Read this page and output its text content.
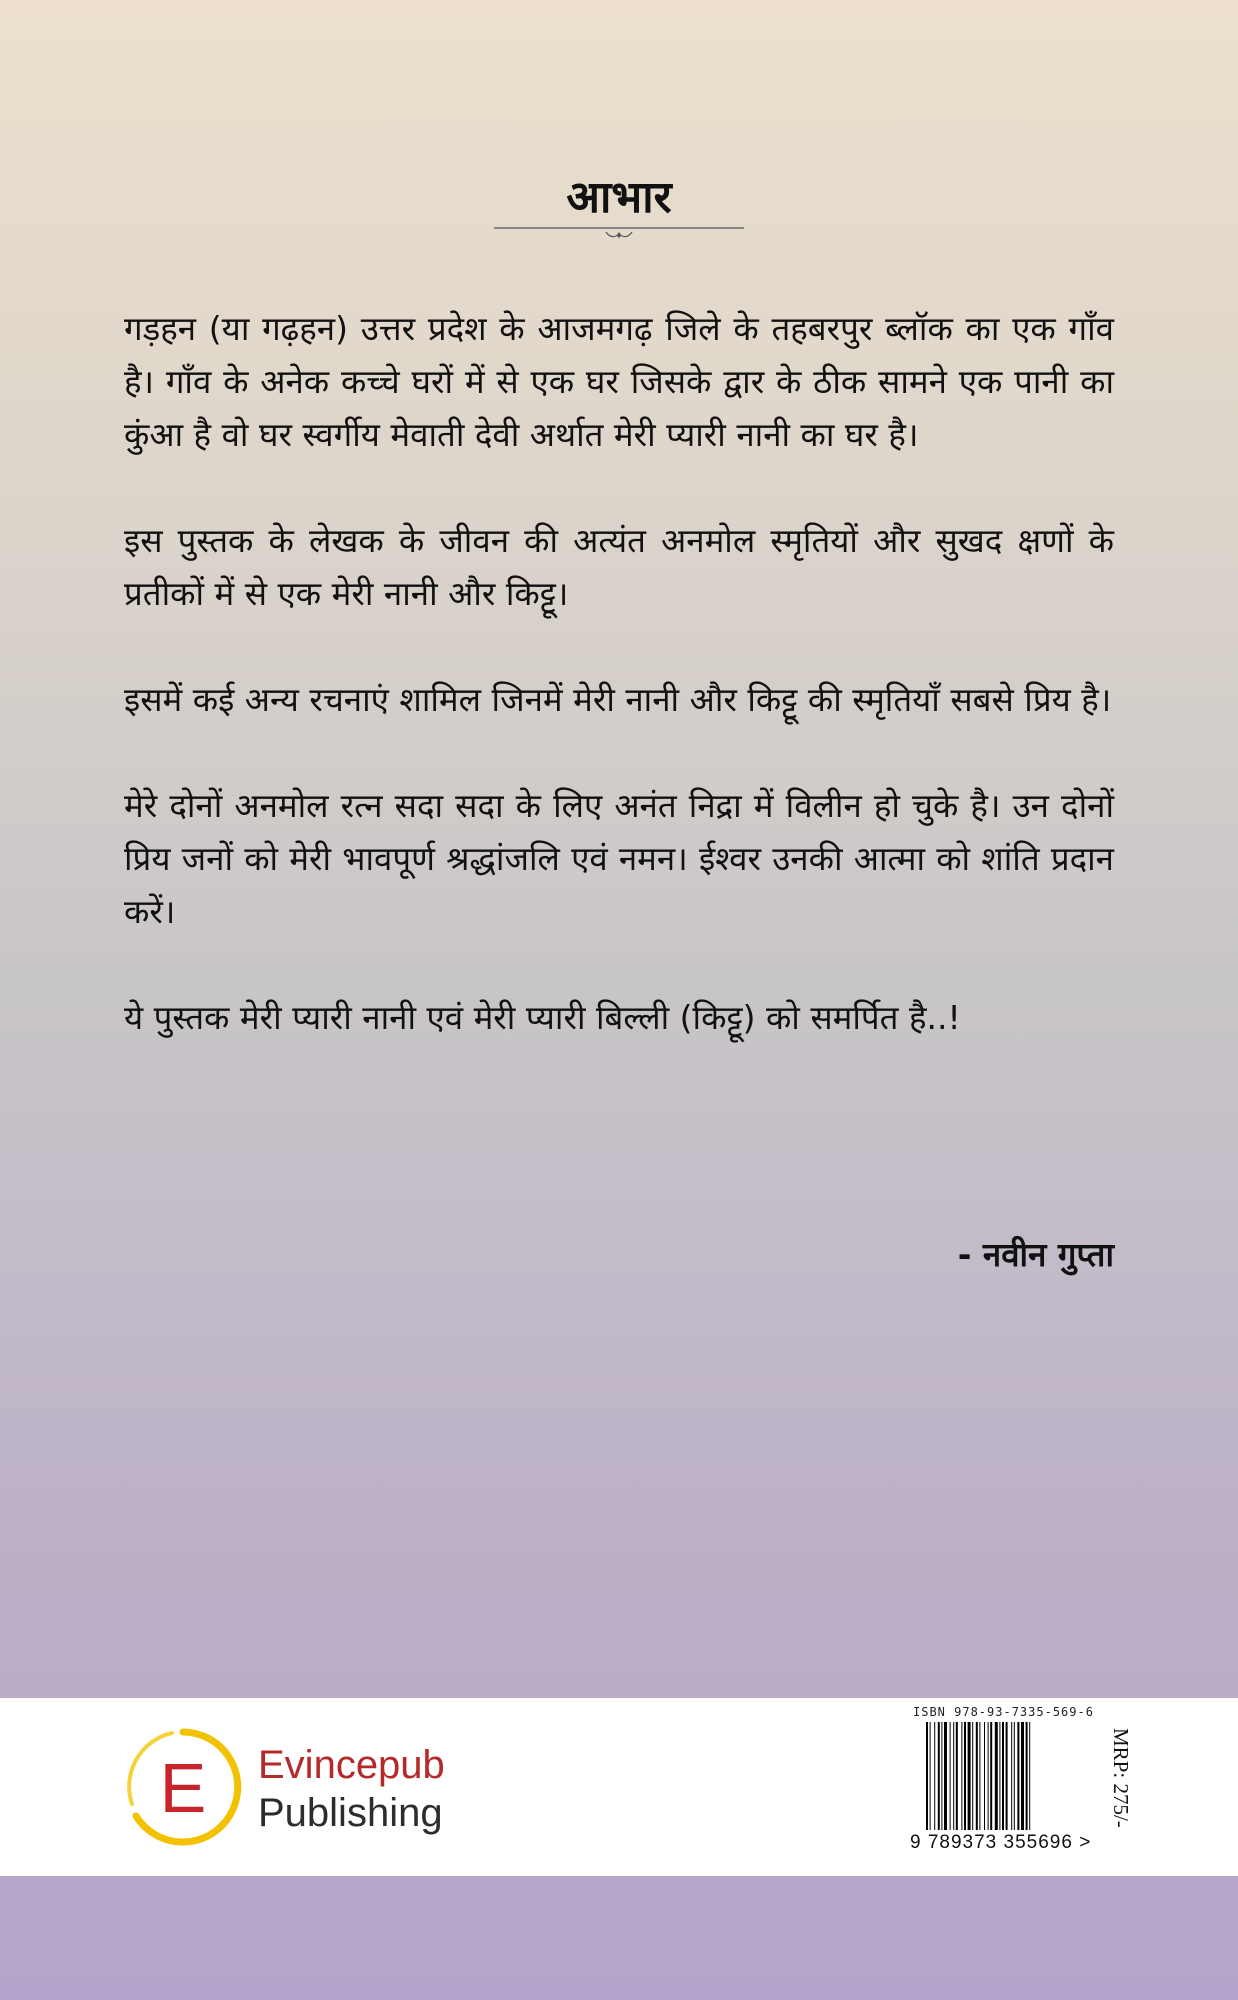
आभार

गड़हन (या गढ़हन) उत्तर प्रदेश के आजमगढ़ जिले के तहबरपुर ब्लॉक का एक गाँव है। गाँव के अनेक कच्चे घरों में से एक घर जिसके द्वार के ठीक सामने एक पानी का कुंआ है वो घर स्वर्गीय मेवाती देवी अर्थात मेरी प्यारी नानी का घर है।

इस पुस्तक के लेखक के जीवन की अत्यंत अनमोल स्मृतियों और सुखद क्षणों के प्रतीकों में से एक मेरी नानी और किट्टू।

इसमें कई अन्य रचनाएं शामिल जिनमें मेरी नानी और किट्टू की स्मृतियाँ सबसे प्रिय है।

मेरे दोनों अनमोल रत्न सदा सदा के लिए अनंत निद्रा में विलीन हो चुके है। उन दोनों प्रिय जनों को मेरी भावपूर्ण श्रद्धांजलि एवं नमन। ईश्वर उनकी आत्मा को शांति प्रदान करें।

ये पुस्तक मेरी प्यारी नानी एवं मेरी प्यारी बिल्ली (किट्टू) को समर्पित है..!

- नवीन गुप्ता
E Evincepub
Publishing
ISBN 978-93-7335-569-6
9 789373 355696 >
MRP: 275/-
